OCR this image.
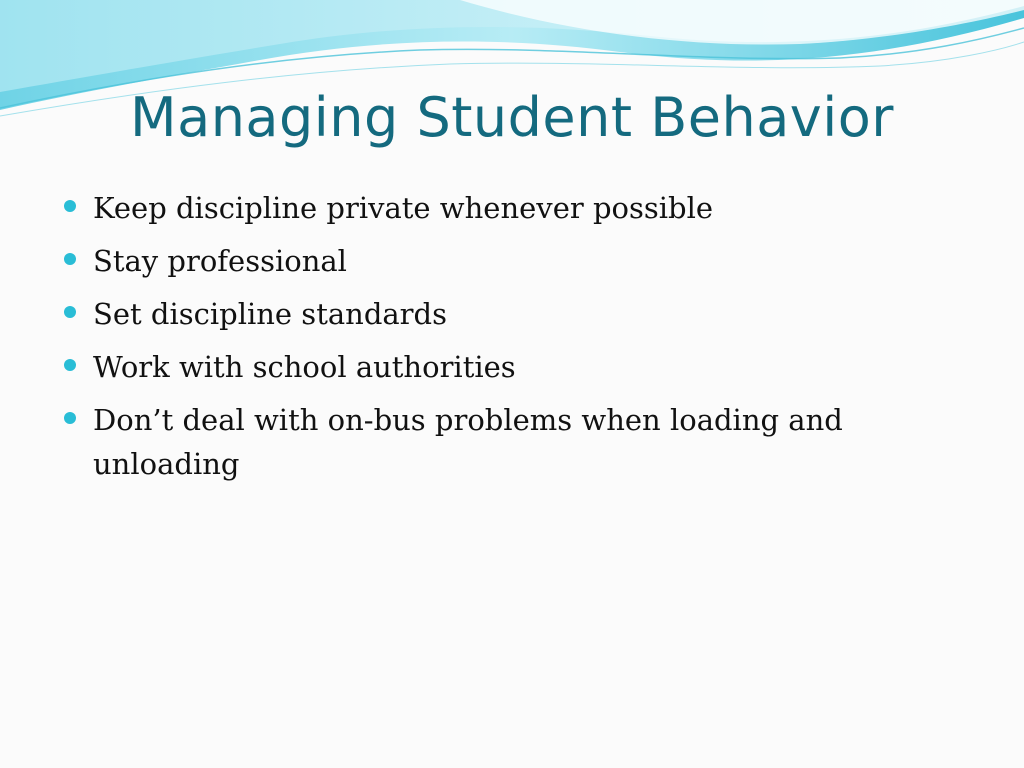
Managing Student Behavior
Keep discipline private whenever possible
Stay professional
Set discipline standards
Work with school authorities
Don’t deal with on-bus problems when loading and unloading
